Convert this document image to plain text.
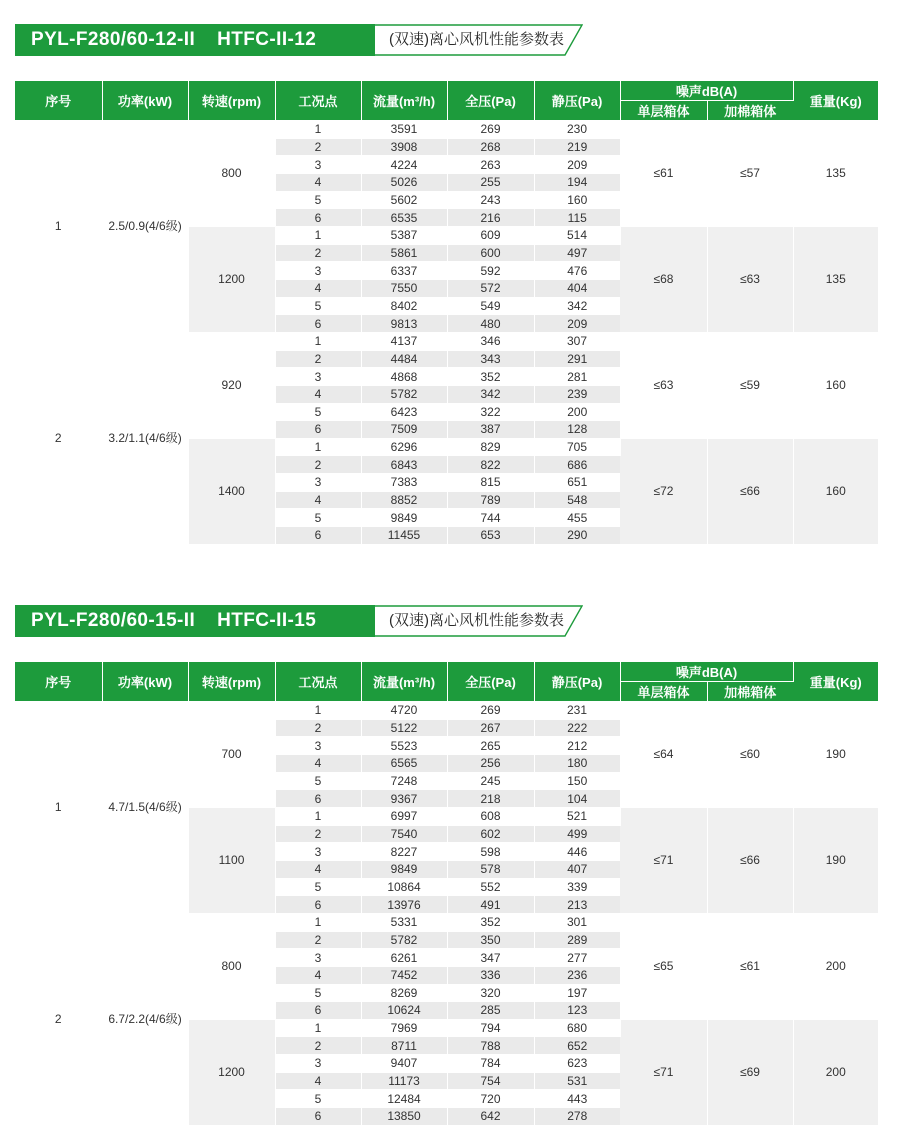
PYL-F280/60-12-II HTFC-II-12	(双速)离心风机性能参数表
序号	功率(kW)	转速(rpm)	工况点	流量(m³/h)	全压(Pa)	静压(Pa)	噪声dB(A)		重量(Kg)
							单层箱体	加棉箱体	
1	2.5/0.9(4/6级)	800	1	3591	269	230	≤61	≤57	135
			2	3908	268	219			
			3	4224	263	209			
			4	5026	255	194			
			5	5602	243	160			
			6	6535	216	115			
		1200	1	5387	609	514	≤68	≤63	135
			2	5861	600	497			
			3	6337	592	476			
			4	7550	572	404			
			5	8402	549	342			
			6	9813	480	209			
2	3.2/1.1(4/6级)	920	1	4137	346	307	≤63	≤59	160
			2	4484	343	291			
			3	4868	352	281			
			4	5782	342	239			
			5	6423	322	200			
			6	7509	387	128			
		1400	1	6296	829	705	≤72	≤66	160
			2	6843	822	686			
			3	7383	815	651			
			4	8852	789	548			
			5	9849	744	455			
			6	11455	653	290			
PYL-F280/60-15-II HTFC-II-15	(双速)离心风机性能参数表
序号	功率(kW)	转速(rpm)	工况点	流量(m³/h)	全压(Pa)	静压(Pa)	噪声dB(A)		重量(Kg)
							单层箱体	加棉箱体	
1	4.7/1.5(4/6级)	700	1	4720	269	231	≤64	≤60	190
			2	5122	267	222			
			3	5523	265	212			
			4	6565	256	180			
			5	7248	245	150			
			6	9367	218	104			
		1100	1	6997	608	521	≤71	≤66	190
			2	7540	602	499			
			3	8227	598	446			
			4	9849	578	407			
			5	10864	552	339			
			6	13976	491	213			
2	6.7/2.2(4/6级)	800	1	5331	352	301	≤65	≤61	200
			2	5782	350	289			
			3	6261	347	277			
			4	7452	336	236			
			5	8269	320	197			
			6	10624	285	123			
		1200	1	7969	794	680	≤71	≤69	200
			2	8711	788	652			
			3	9407	784	623			
			4	11173	754	531			
			5	12484	720	443			
			6	13850	642	278			
